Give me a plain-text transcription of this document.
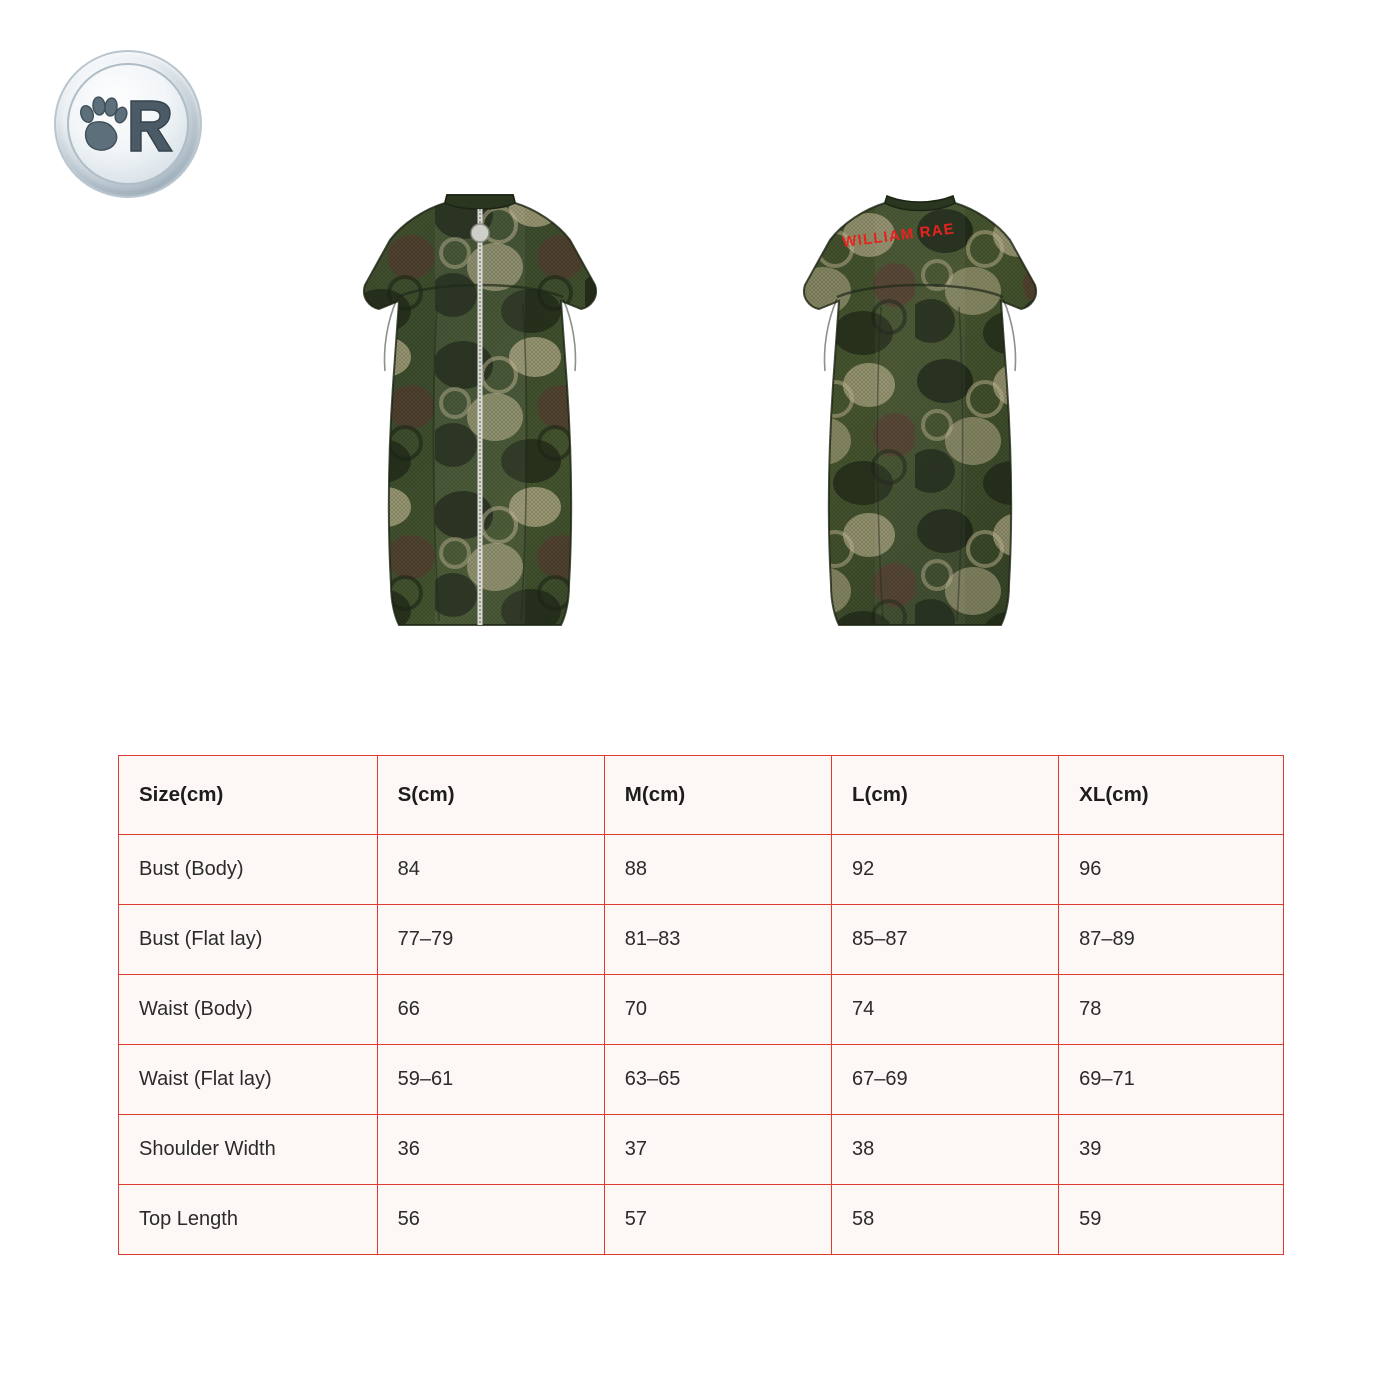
WILLIAM RAE
Size(cm)	S(cm)	M(cm)	L(cm)	XL(cm)
Bust (Body)	84	88	92	96
Bust (Flat lay)	77–79	81–83	85–87	87–89
Waist (Body)	66	70	74	78
Waist (Flat lay)	59–61	63–65	67–69	69–71
Shoulder Width	36	37	38	39
Top Length	56	57	58	59
